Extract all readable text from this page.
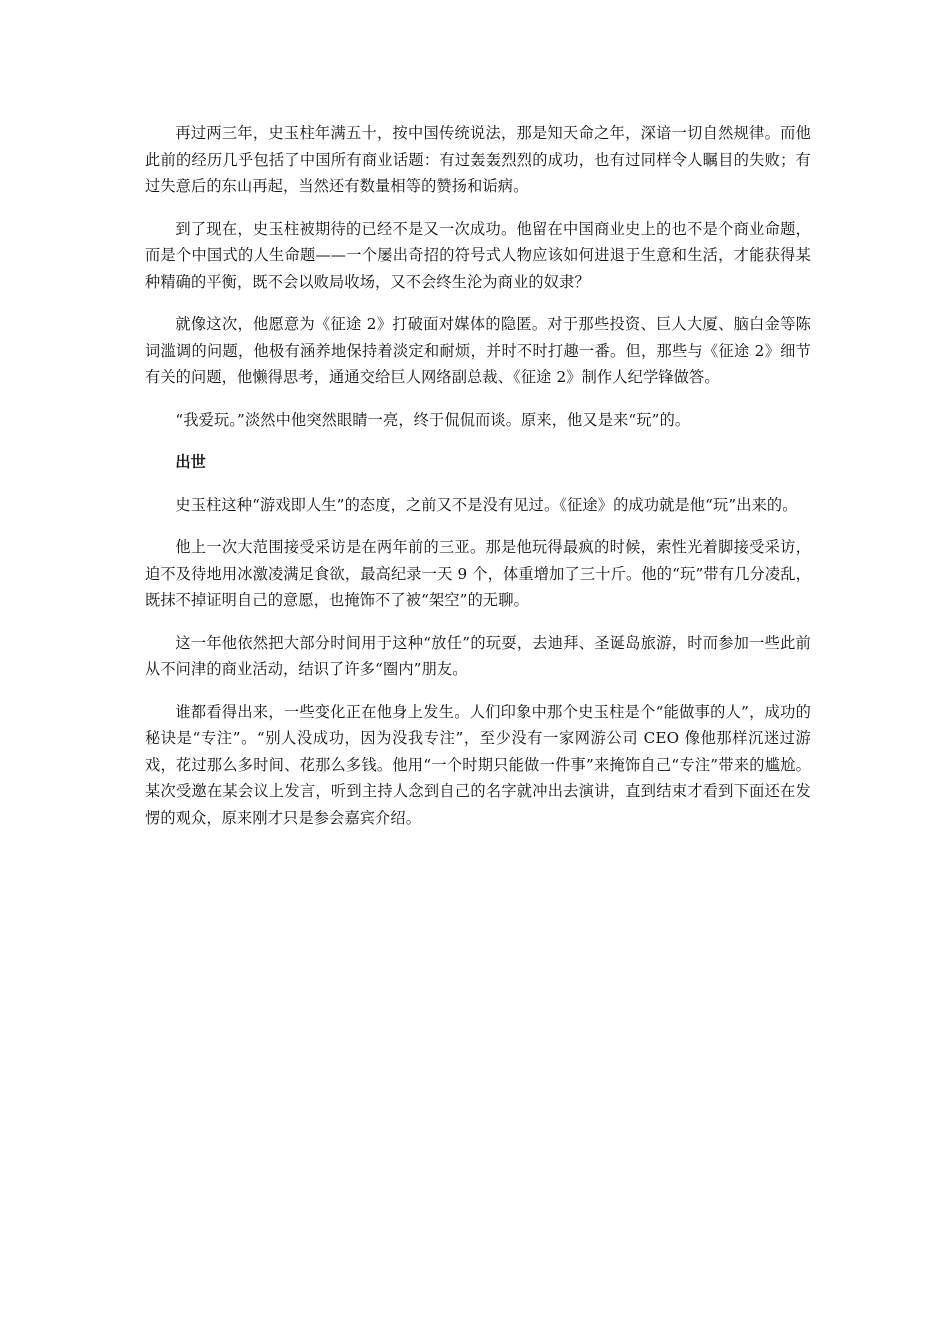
再过两三年，史玉柱年满五十，按中国传统说法，那是知天命之年，深谙一切自然规律。而他此前的经历几乎包括了中国所有商业话题：有过轰轰烈烈的成功，也有过同样令人瞩目的失败；有过失意后的东山再起，当然还有数量相等的赞扬和诟病。

到了现在，史玉柱被期待的已经不是又一次成功。他留在中国商业史上的也不是个商业命题，而是个中国式的人生命题——一个屡出奇招的符号式人物应该如何进退于生意和生活，才能获得某种精确的平衡，既不会以败局收场，又不会终生沦为商业的奴隶？

就像这次，他愿意为《征途 2》打破面对媒体的隐匿。对于那些投资、巨人大厦、脑白金等陈词滥调的问题，他极有涵养地保持着淡定和耐烦，并时不时打趣一番。但，那些与《征途 2》细节有关的问题，他懒得思考，通通交给巨人网络副总裁、《征途 2》制作人纪学锋做答。

“我爱玩。”淡然中他突然眼睛一亮，终于侃侃而谈。原来，他又是来“玩”的。

出世

史玉柱这种“游戏即人生”的态度，之前又不是没有见过。《征途》的成功就是他“玩”出来的。

他上一次大范围接受采访是在两年前的三亚。那是他玩得最疯的时候，索性光着脚接受采访，迫不及待地用冰激凌满足食欲，最高纪录一天 9 个，体重增加了三十斤。他的“玩”带有几分凌乱，既抹不掉证明自己的意愿，也掩饰不了被“架空”的无聊。

这一年他依然把大部分时间用于这种“放任”的玩耍，去迪拜、圣诞岛旅游，时而参加一些此前从不问津的商业活动，结识了许多“圈内”朋友。

谁都看得出来，一些变化正在他身上发生。人们印象中那个史玉柱是个“能做事的人”，成功的秘诀是“专注”。“别人没成功，因为没我专注”，至少没有一家网游公司 CEO 像他那样沉迷过游戏，花过那么多时间、花那么多钱。他用“一个时期只能做一件事”来掩饰自己“专注”带来的尴尬。某次受邀在某会议上发言，听到主持人念到自己的名字就冲出去演讲，直到结束才看到下面还在发愣的观众，原来刚才只是参会嘉宾介绍。
